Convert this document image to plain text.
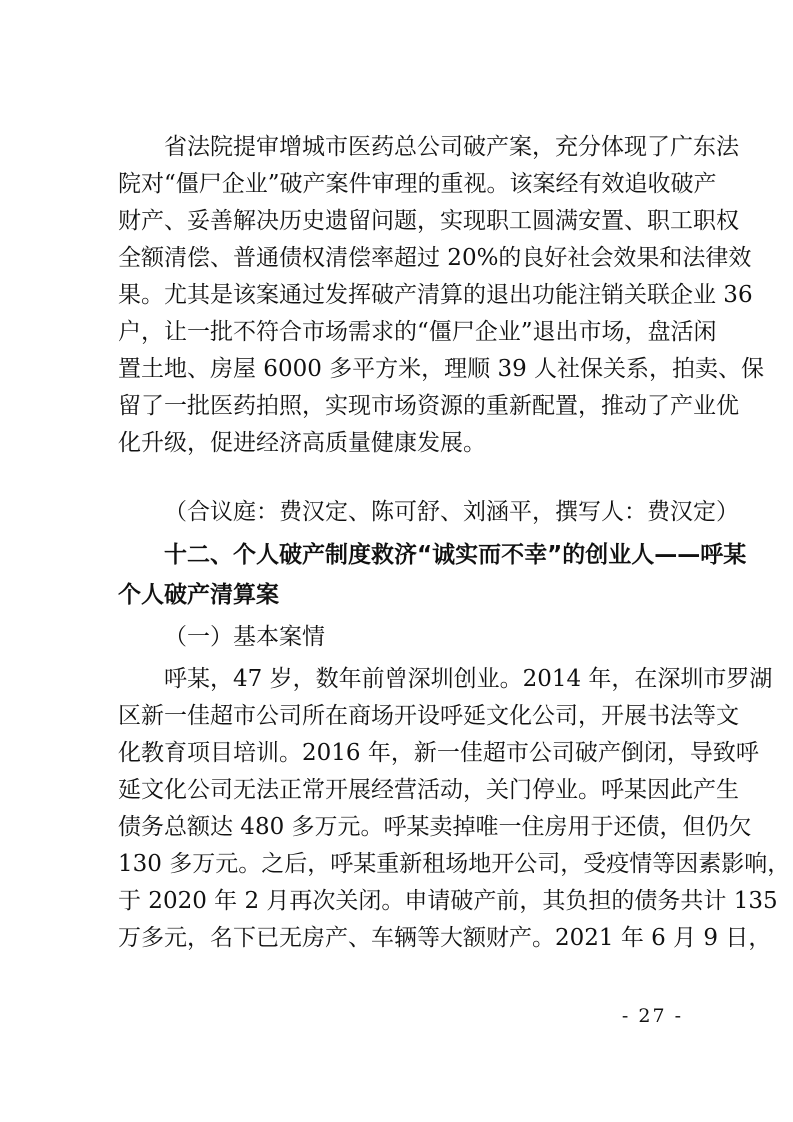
省法院提审增城市医药总公司破产案，充分体现了广东法
院对“僵尸企业”破产案件审理的重视。该案经有效追收破产
财产、妥善解决历史遗留问题，实现职工圆满安置、职工职权
全额清偿、普通债权清偿率超过 20%的良好社会效果和法律效
果。尤其是该案通过发挥破产清算的退出功能注销关联企业 36
户，让一批不符合市场需求的“僵尸企业”退出市场，盘活闲
置土地、房屋 6000 多平方米，理顺 39 人社保关系，拍卖、保
留了一批医药拍照，实现市场资源的重新配置，推动了产业优
化升级，促进经济高质量健康发展。
（合议庭：费汉定、陈可舒、刘涵平，撰写人：费汉定）
十二、个人破产制度救济“诚实而不幸”的创业人——呼某
个人破产清算案
（一）基本案情
呼某，47 岁，数年前曾深圳创业。2014 年，在深圳市罗湖
区新一佳超市公司所在商场开设呼延文化公司，开展书法等文
化教育项目培训。2016 年，新一佳超市公司破产倒闭，导致呼
延文化公司无法正常开展经营活动，关门停业。呼某因此产生
债务总额达 480 多万元。呼某卖掉唯一住房用于还债，但仍欠
130 多万元。之后，呼某重新租场地开公司，受疫情等因素影响，
于 2020 年 2 月再次关闭。申请破产前，其负担的债务共计 135
万多元，名下已无房产、车辆等大额财产。2021 年 6 月 9 日，
- 27 -
